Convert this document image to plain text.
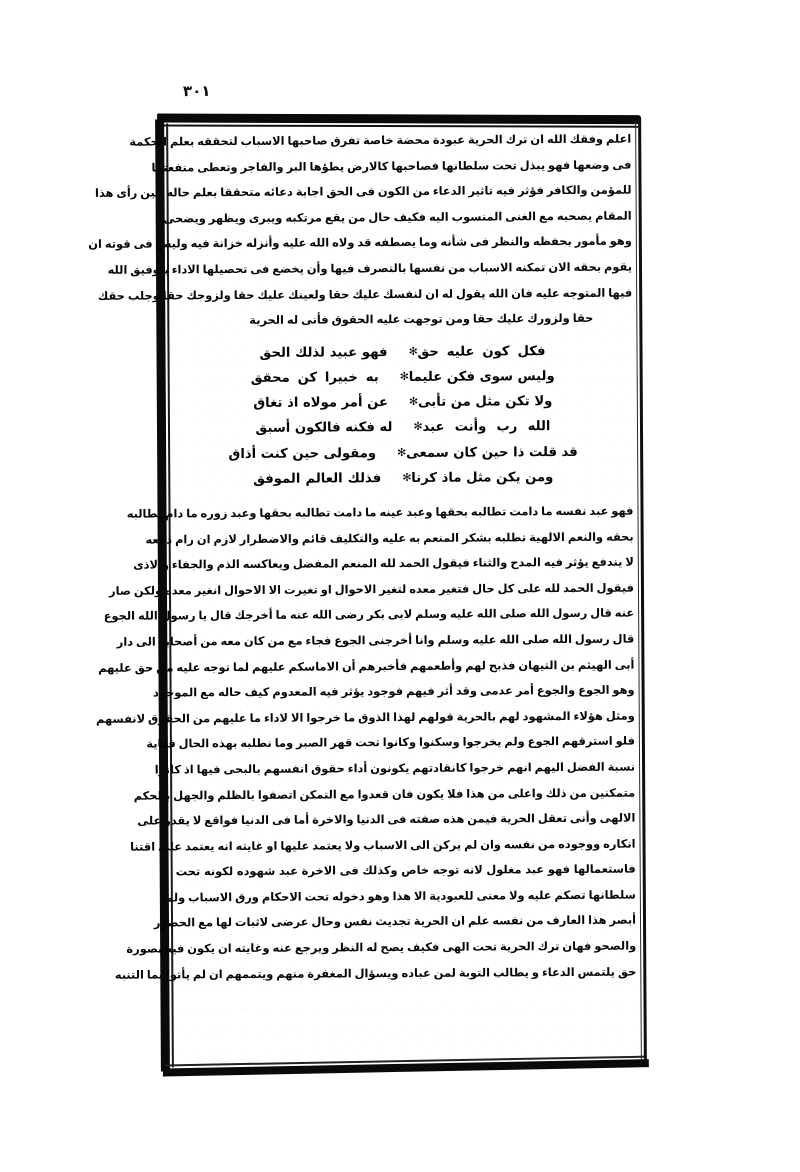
٣٠١
اعلم وفقك الله ان ترك الحرية عبودة محضة خاصة تفرق صاحبها الاسباب لتحققه بعلم الحكمة
فى وضعها فهو يبذل تحت سلطانها فصاحبها كالارض يطؤها البر والفاجر وتعطى منفعتها
للمؤمن والكافر فؤثر فيه تاثير الدعاء من الكون فى الحق اجابة دعائه متحققا بعلم حاله حين رأى هذا
المقام يصحبه مع الغنى المنسوب اليه فكيف حال من يقع مرتكبه ويبرى ويظهر ويضحى
وهو مأمور بحفظه والنظر فى شأنه وما يصطفه قد ولاه الله عليه وأنزله خزانة فيه وليس فى قوته ان
يقوم بحقه الان تمكنه الاسباب من نفسها بالتصرف فيها وأن يخضع فى تحصيلها الاداء بتوفيق الله
فيها المتوجه عليه فان الله يقول له ان لنفسك عليك حقا ولعينك عليك حقا ولزوجك حقا وجلب حقك
حقا ولزورك عليك حقا ومن توجهت عليه الحقوق فأنى له الحرية
فكل كون عليه حق
✻
فهو عبيد لذلك الحق
وليس سوى فكن عليما
✻
به خبيرا كن محقق
ولا تكن مثل من تأبى
✻
عن أمر مولاه اذ تغاق
الله رب وأنت عبد
✻
له فكنه فالكون أسبق
قد قلت ذا حين كان سمعى
✻
ومقولى حين كنت أذاق
ومن يكن مثل ماذ كرنا
✻
فذلك العالم الموفق
فهو عبد نفسه ما دامت تطالبه بحقها وعبد عينه ما دامت تطالبه بحقها وعبد زوره ما دام يطالبه
بحقه والنعم الالهية تطلبه بشكر المنعم به عليه والتكليف قائم والاضطرار لازم ان رام دفعه
لا يندفع يؤثر فيه المدح والثناء فيقول الحمد لله المنعم المفضل ويعاكسه الذم والجفاء والاذى
فيقول الحمد لله على كل حال فتغير معده لتغير الاحوال او تغيرت الا الاحوال انغير معده ولكن صار
عنه قال رسول الله صلى الله عليه وسلم لابى بكر رضى الله عنه ما أخرجك قال يا رسول الله الجوع
قال رسول الله صلى الله عليه وسلم وانا أخرجنى الجوع فجاء مع من كان معه من أصحابه الى دار
أبى الهيثم بن التيهان فذبح لهم وأطعمهم فأخبرهم أن الاماسكم عليهم لما توجه عليه من حق عليهم
وهو الجوع والجوع أمر عدمى وقد أثر فيهم فوجود يؤثر فيه المعدوم كيف حاله مع الموجود
ومثل هؤلاء المشهود لهم بالحرية قولهم لهذا الذوق ما خرجوا الا لاداء ما عليهم من الحقوق لانفسهم
فلو استرقهم الجوع ولم يخرجوا وسكنوا وكانوا تحت قهر الصبر وما نطلبه بهذه الحال فغاية
نسبة الفضل اليهم انهم خرجوا كانقادتهم يكونون أداء حقوق انفسهم بالبحى فيها اذ كانوا
متمكنين من ذلك واعلى من هذا فلا يكون فان قعدوا مع التمكن اتصفوا بالظلم والجهل بالحكم
الالهى وأنى تعقل الحرية فيمن هذه صفته فى الدنيا والاخرة أما فى الدنيا فواقع لا يقدر على
انكاره ووجوده من نفسه وان لم يركن الى الاسباب ولا يعتمد عليها او غايته انه يعتمد على اقتنا
فاستعمالها فهو عبد مغلول لانه توجه خاص وكذلك فى الاخرة عبد شهوده لكونه تحت
سلطانها تصكم عليه ولا معنى للعبودية الا هذا وهو دخوله تحت الاحكام ورق الاسباب ولما
أبصر هذا العارف من نفسه علم ان الحرية تجديث نفس وحال عرضى لاثبات لها مع الحضور
والصحو فهان ترك الحرية تحت الهى فكيف يصح له النظر ويرجع عنه وغايته ان يكون فيه بصورة
حق يلتمس الدعاء و يطالب التوبة لمن عباده ويسؤال المغفرة منهم ويتممهم ان لم يأتوا بما التنبه
